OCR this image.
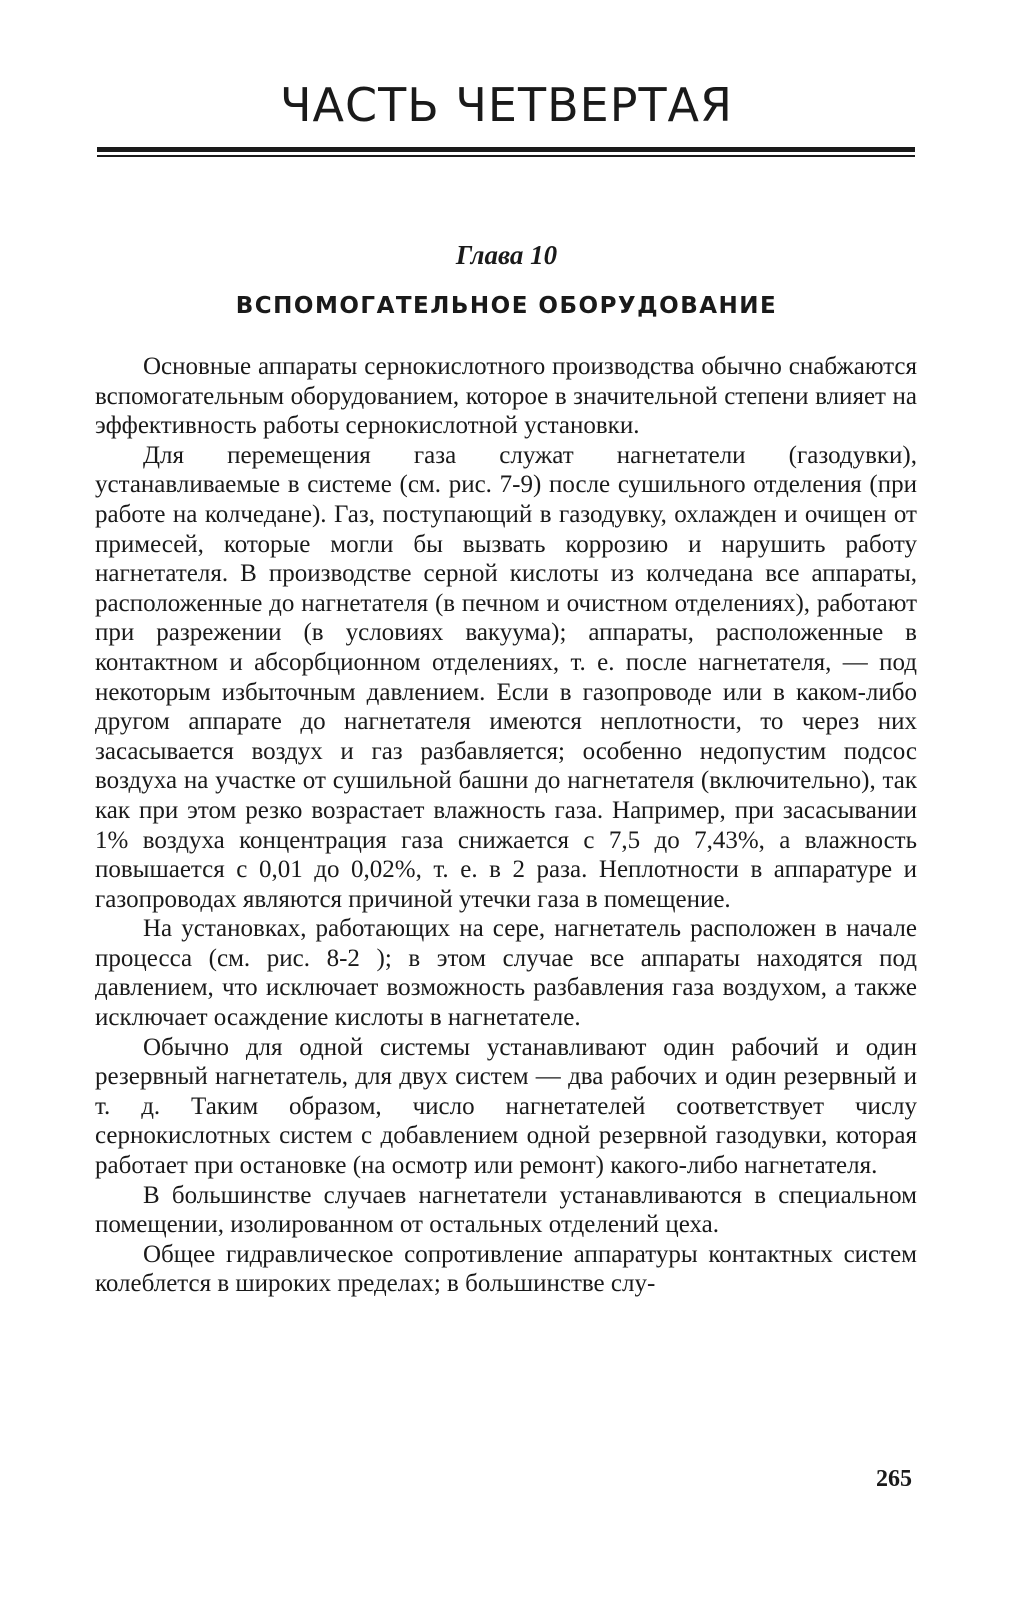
ЧАСТЬ ЧЕТВЕРТАЯ
Глава 10
ВСПОМОГАТЕЛЬНОЕ ОБОРУДОВАНИЕ

Основные аппараты сернокислотного производства обычно снабжаются вспомогательным оборудованием, которое в значительной степени влияет на эффективность работы сернокислотной установки.

Для перемещения газа служат нагнетатели (газодувки), устанавливаемые в системе (см. рис. 7-9) после сушильного отделения (при работе на колчедане). Газ, поступающий в газодувку, охлажден и очищен от примесей, которые могли бы вызвать коррозию и нарушить работу нагнетателя. В производстве серной кислоты из колчедана все аппараты, расположенные до нагнетателя (в печном и очистном отделениях), работают при разрежении (в условиях вакуума); аппараты, расположенные в контактном и абсорбционном отделениях, т. е. после нагнетателя, — под некоторым избыточным давлением. Если в газопроводе или в каком-либо другом аппарате до нагнетателя имеются неплотности, то через них засасывается воздух и газ разбавляется; особенно недопустим подсос воздуха на участке от сушильной башни до нагнетателя (включительно), так как при этом резко возрастает влажность газа. Например, при засасывании 1% воздуха концентрация газа снижается с 7,5 до 7,43%, а влажность повышается с 0,01 до 0,02%, т. е. в 2 раза. Неплотности в аппаратуре и газопроводах являются причиной утечки газа в помещение.

На установках, работающих на сере, нагнетатель расположен в начале процесса (см. рис. 8-2 ); в этом случае все аппараты находятся под давлением, что исключает возможность разбавления газа воздухом, а также исключает осаждение кислоты в нагнетателе.

Обычно для одной системы устанавливают один рабочий и один резервный нагнетатель, для двух систем — два рабочих и один резервный и т. д. Таким образом, число нагнетателей соответствует числу сернокислотных систем с добавлением одной резервной газодувки, которая работает при остановке (на осмотр или ремонт) какого-либо нагнетателя.

В большинстве случаев нагнетатели устанавливаются в специальном помещении, изолированном от остальных отделений цеха.

Общее гидравлическое сопротивление аппаратуры контактных систем колеблется в широких пределах; в большинстве слу-

265
